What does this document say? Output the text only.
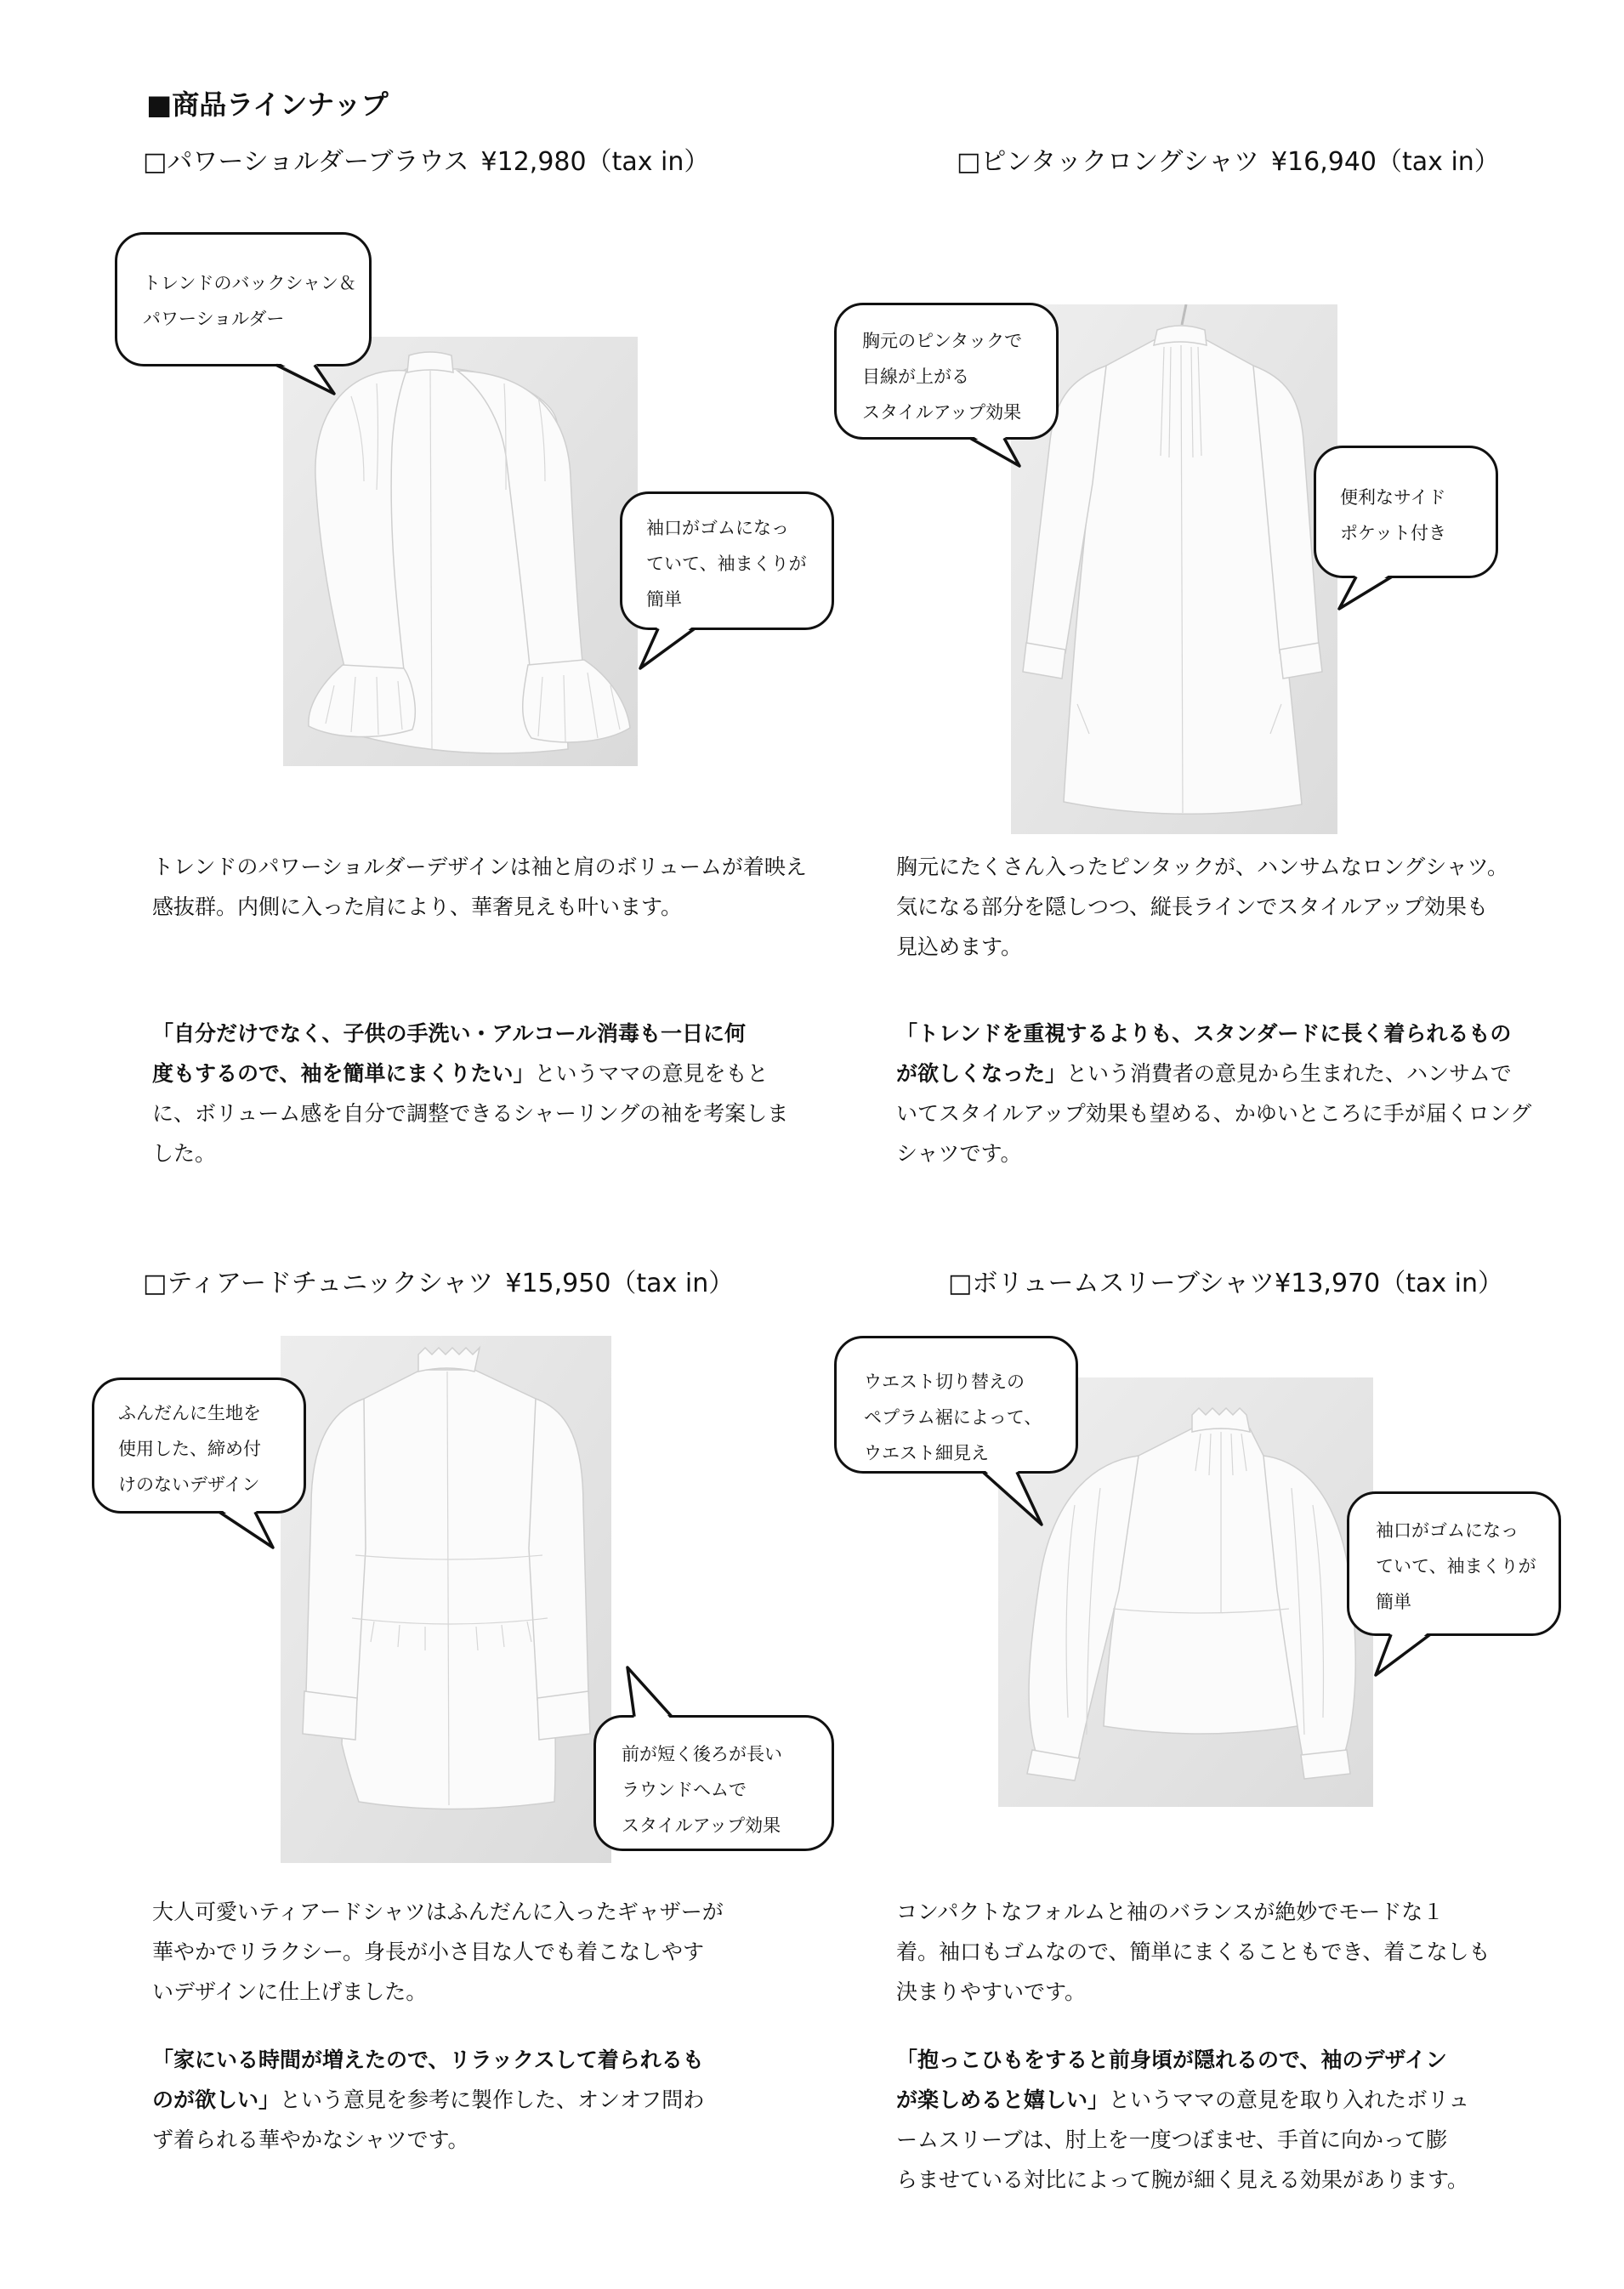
■商品ラインナップ
□パワーショルダーブラウス ¥12,980（tax in）
トレンドのバックシャン＆
パワーショルダー
袖口がゴムになっ
ていて、袖まくりが
簡単
トレンドのパワーショルダーデザインは袖と肩のボリュームが着映え
感抜群。内側に入った肩により、華奢見えも叶います。
「自分だけでなく、子供の手洗い・アルコール消毒も一日に何
度もするので、袖を簡単にまくりたい」というママの意見をもと
に、ボリューム感を自分で調整できるシャーリングの袖を考案しま
した。
□ピンタックロングシャツ ¥16,940（tax in）
胸元のピンタックで
目線が上がる
スタイルアップ効果
便利なサイド
ポケット付き
胸元にたくさん入ったピンタックが、ハンサムなロングシャツ。
気になる部分を隠しつつ、縦長ラインでスタイルアップ効果も
見込めます。
「トレンドを重視するよりも、スタンダードに長く着られるもの
が欲しくなった」という消費者の意見から生まれた、ハンサムで
いてスタイルアップ効果も望める、かゆいところに手が届くロング
シャツです。
□ティアードチュニックシャツ ¥15,950（tax in）
ふんだんに生地を
使用した、締め付
けのないデザイン
前が短く後ろが長い
ラウンドヘムで
スタイルアップ効果
大人可愛いティアードシャツはふんだんに入ったギャザーが
華やかでリラクシー。身長が小さ目な人でも着こなしやす
いデザインに仕上げました。
「家にいる時間が増えたので、リラックスして着られるも
のが欲しい」という意見を参考に製作した、オンオフ問わ
ず着られる華やかなシャツです。
□ボリュームスリーブシャツ¥13,970（tax in）
ウエスト切り替えの
ペプラム裾によって、
ウエスト細見え
袖口がゴムになっ
ていて、袖まくりが
簡単
コンパクトなフォルムと袖のバランスが絶妙でモードな１
着。袖口もゴムなので、簡単にまくることもでき、着こなしも
決まりやすいです。
「抱っこひもをすると前身頃が隠れるので、袖のデザイン
が楽しめると嬉しい」というママの意見を取り入れたボリュ
ームスリーブは、肘上を一度つぼませ、手首に向かって膨
らませている対比によって腕が細く見える効果があります。
